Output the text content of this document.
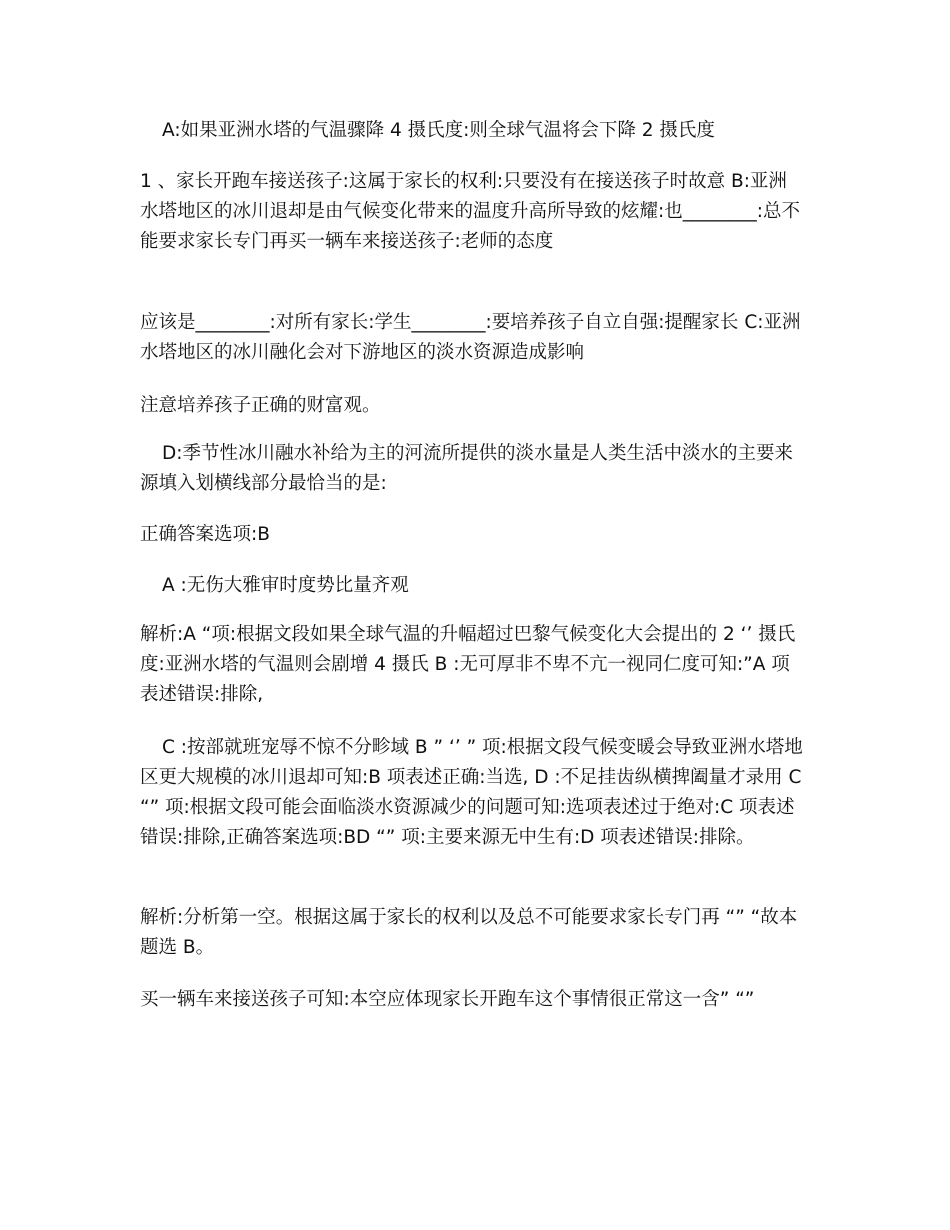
A:如果亚洲水塔的气温骤降 4 摄氏度:则全球气温将会下降 2 摄氏度

1 、家长开跑车接送孩子:这属于家长的权利:只要没有在接送孩子时故意 B:亚洲水塔地区的冰川退却是由气候变化带来的温度升高所导致的炫耀:也________:总不能要求家长专门再买一辆车来接送孩子:老师的态度

应该是________:对所有家长:学生________:要培养孩子自立自强:提醒家长 C:亚洲水塔地区的冰川融化会对下游地区的淡水资源造成影响

注意培养孩子正确的财富观。

D:季节性冰川融水补给为主的河流所提供的淡水量是人类生活中淡水的主要来源填入划横线部分最恰当的是:

正确答案选项:B

A :无伤大雅审时度势比量齐观

解析:A “项:根据文段如果全球气温的升幅超过巴黎气候变化大会提出的 2 ʻʼ 摄氏度:亚洲水塔的气温则会剧增 4 摄氏 B :无可厚非不卑不亢一视同仁度可知:”A 项表述错误:排除,

C :按部就班宠辱不惊不分畛域 B ” ʻʼ ” 项:根据文段气候变暖会导致亚洲水塔地区更大规模的冰川退却可知:B 项表述正确:当选, D :不足挂齿纵横捭阖量才录用 C “” 项:根据文段可能会面临淡水资源减少的问题可知:选项表述过于绝对:C 项表述错误:排除,正确答案选项:BD “” 项:主要来源无中生有:D 项表述错误:排除。

解析:分析第一空。根据这属于家长的权利以及总不可能要求家长专门再 “” “故本题选 B。

买一辆车来接送孩子可知:本空应体现家长开跑车这个事情很正常这一含” “”
